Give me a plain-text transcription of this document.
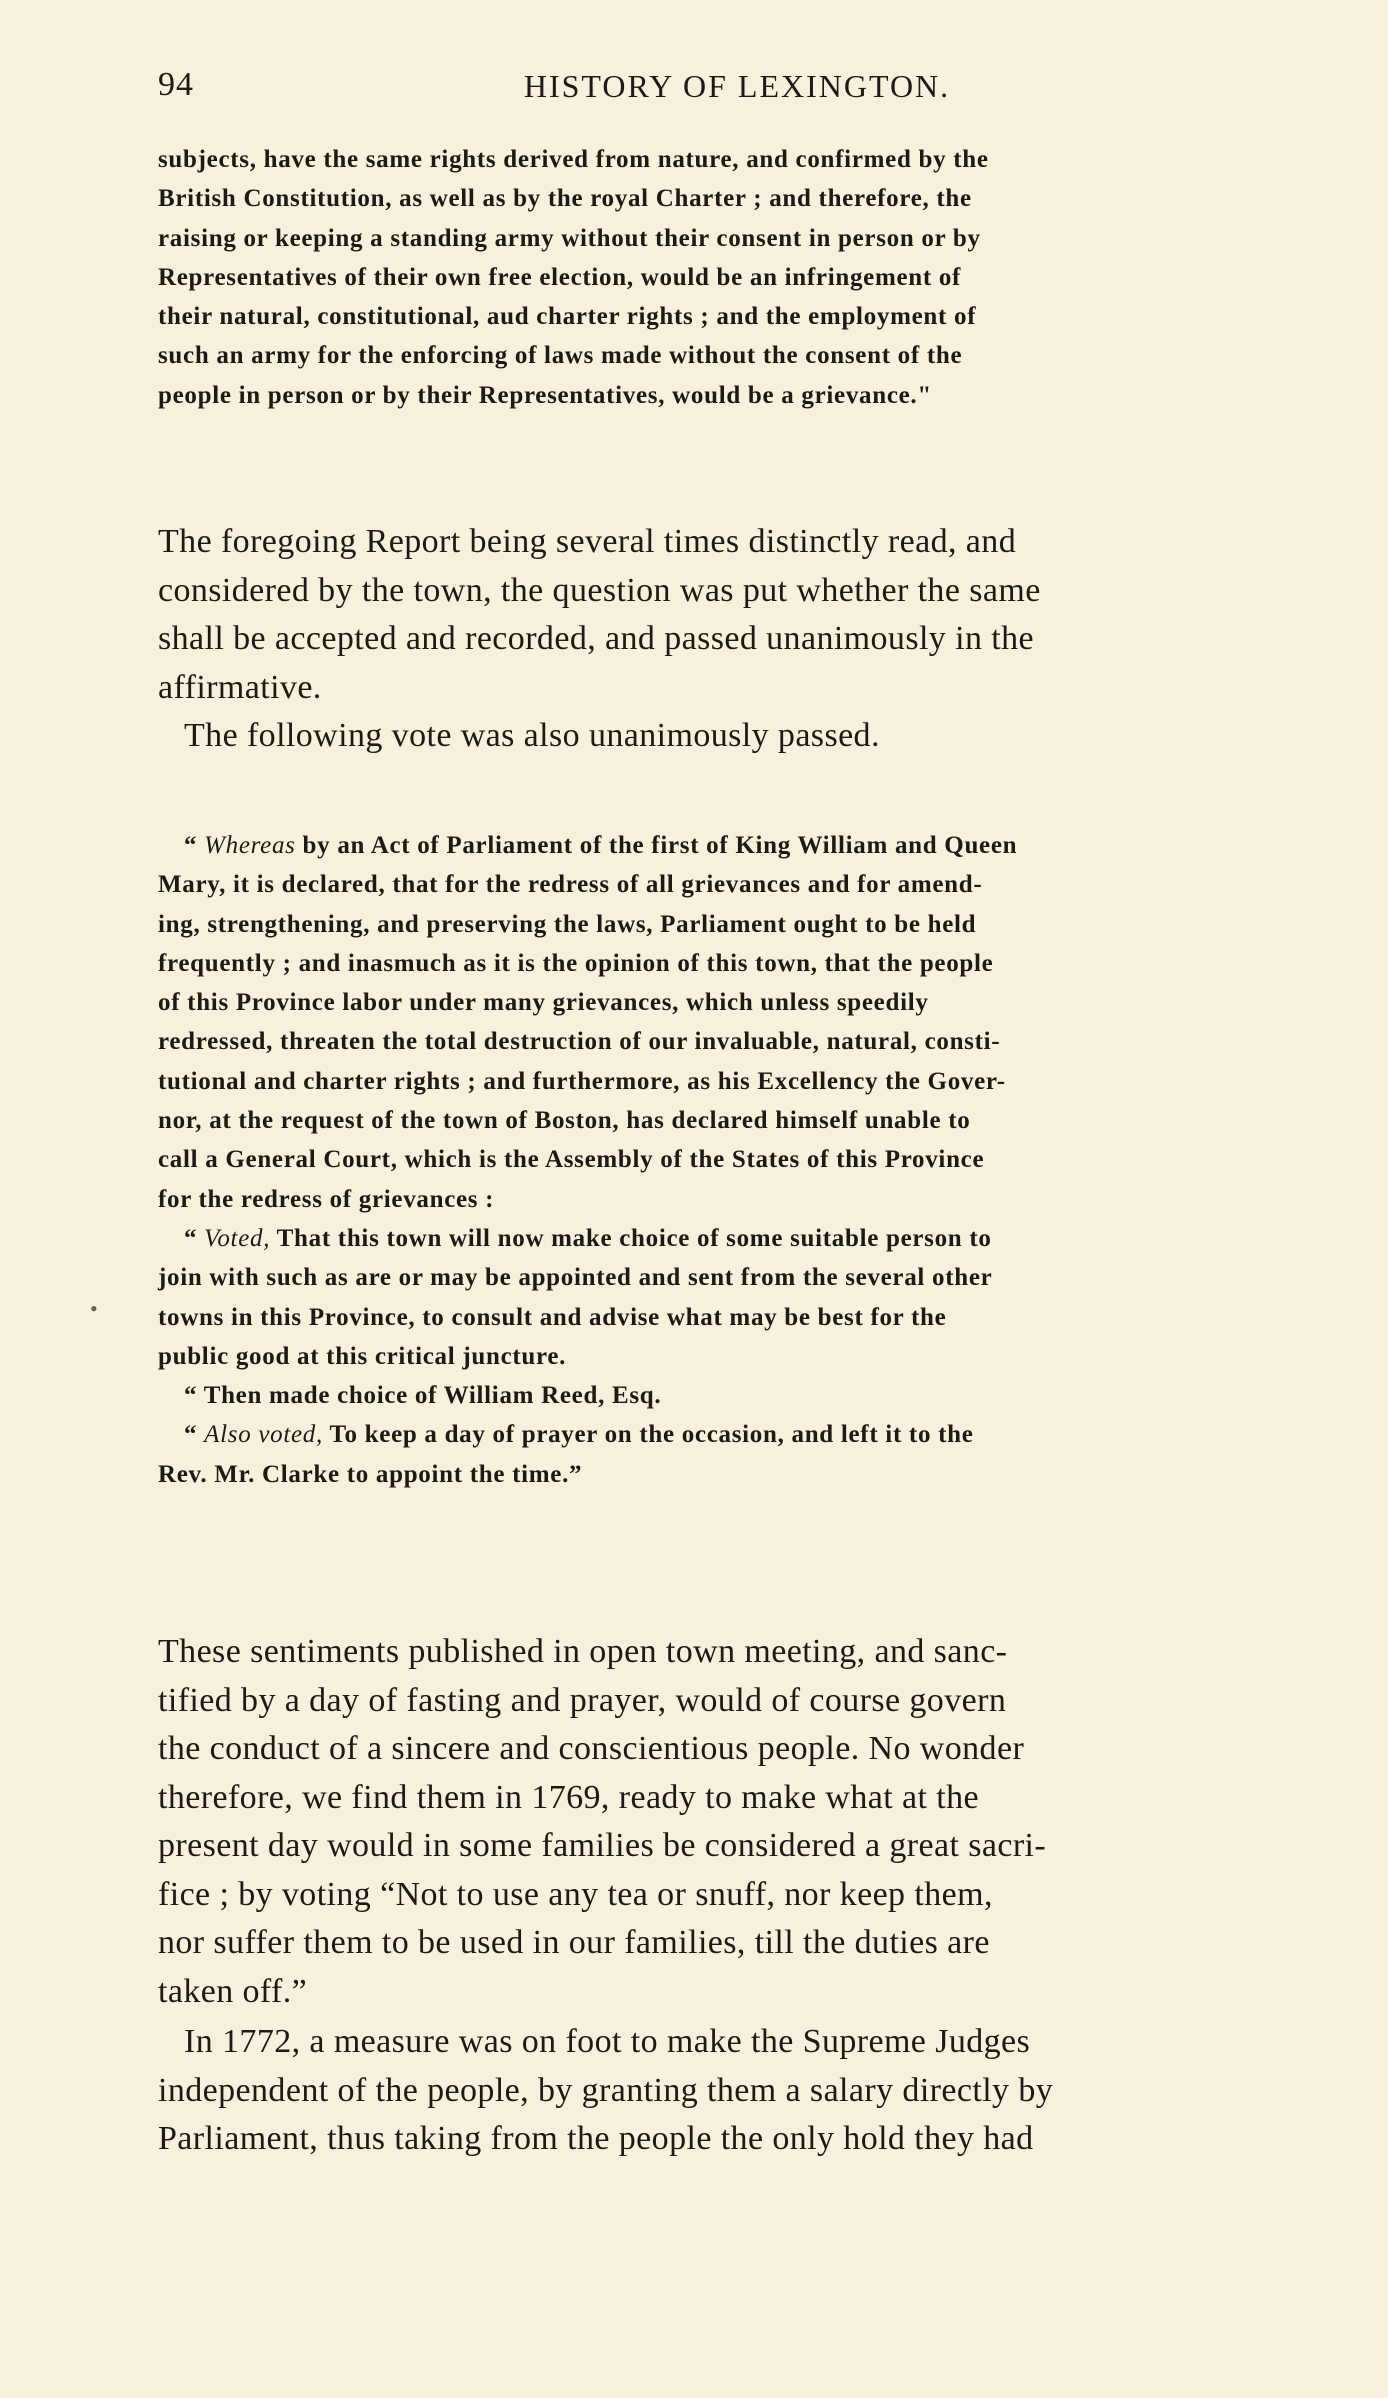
94	HISTORY OF LEXINGTON.
•

subjects, have the same rights derived from nature, and confirmed by the

British Constitution, as well as by the royal Charter ; and therefore, the

raising or keeping a standing army without their consent in person or by

Representatives of their own free election, would be an infringement of

their natural, constitutional, aud charter rights ; and the employment of

such an army for the enforcing of laws made without the consent of the

people in person or by their Representatives, would be a grievance."

The foregoing Report being several times distinctly read, and

considered by the town, the question was put whether the same

shall be accepted and recorded, and passed unanimously in the

affirmative.

The following vote was also unanimously passed.

“ Whereas by an Act of Parliament of the first of King William and Queen

Mary, it is declared, that for the redress of all grievances and for amend-

ing, strengthening, and preserving the laws, Parliament ought to be held

frequently ; and inasmuch as it is the opinion of this town, that the people

of this Province labor under many grievances, which unless speedily

redressed, threaten the total destruction of our invaluable, natural, consti-

tutional and charter rights ; and furthermore, as his Excellency the Gover-

nor, at the request of the town of Boston, has declared himself unable to

call a General Court, which is the Assembly of the States of this Province

for the redress of grievances :

“ Voted, That this town will now make choice of some suitable person to

join with such as are or may be appointed and sent from the several other

towns in this Province, to consult and advise what may be best for the

public good at this critical juncture.

“ Then made choice of William Reed, Esq.

“ Also voted, To keep a day of prayer on the occasion, and left it to the

Rev. Mr. Clarke to appoint the time.”

These sentiments published in open town meeting, and sanc-

tified by a day of fasting and prayer, would of course govern

the conduct of a sincere and conscientious people. No wonder

therefore, we find them in 1769, ready to make what at the

present day would in some families be considered a great sacri-

fice ; by voting “Not to use any tea or snuff, nor keep them,

nor suffer them to be used in our families, till the duties are

taken off.”

In 1772, a measure was on foot to make the Supreme Judges

independent of the people, by granting them a salary directly by

Parliament, thus taking from the people the only hold they had
